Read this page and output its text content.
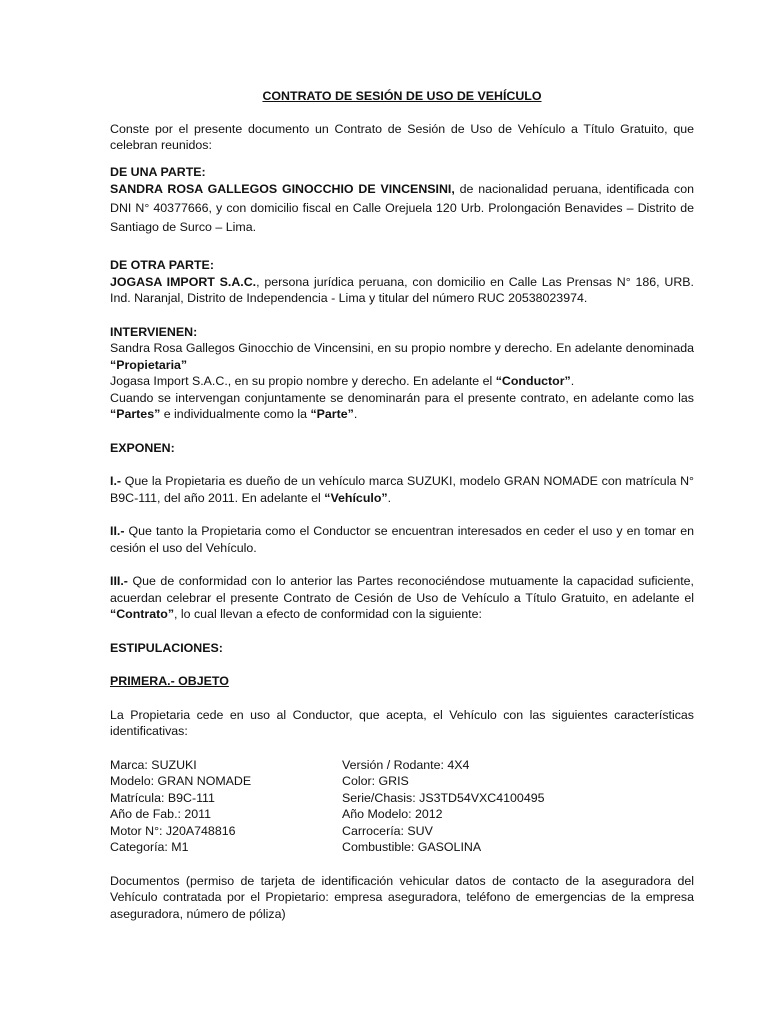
CONTRATO DE SESIÓN DE USO DE VEHÍCULO

Conste por el presente documento un Contrato de Sesión de Uso de Vehículo a Título Gratuito, que celebran reunidos:

DE UNA PARTE:

SANDRA ROSA GALLEGOS GINOCCHIO DE VINCENSINI, de nacionalidad peruana, identificada con DNI N° 40377666, y con domicilio fiscal en Calle Orejuela 120 Urb. Prolongación Benavides – Distrito de Santiago de Surco – Lima.

DE OTRA PARTE:

JOGASA IMPORT S.A.C., persona jurídica peruana, con domicilio en Calle Las Prensas N° 186, URB. Ind. Naranjal, Distrito de Independencia - Lima y titular del número RUC 20538023974.

INTERVIENEN:

Sandra Rosa Gallegos Ginocchio de Vincensini, en su propio nombre y derecho. En adelante denominada “Propietaria”

Jogasa Import S.A.C., en su propio nombre y derecho. En adelante el “Conductor”.

Cuando se intervengan conjuntamente se denominarán para el presente contrato, en adelante como las “Partes” e individualmente como la “Parte”.

EXPONEN:

I.- Que la Propietaria es dueño de un vehículo marca SUZUKI, modelo GRAN NOMADE con matrícula N° B9C-111, del año 2011. En adelante el “Vehículo”.

II.- Que tanto la Propietaria como el Conductor se encuentran interesados en ceder el uso y en tomar en cesión el uso del Vehículo.

III.- Que de conformidad con lo anterior las Partes reconociéndose mutuamente la capacidad suficiente, acuerdan celebrar el presente Contrato de Cesión de Uso de Vehículo a Título Gratuito, en adelante el “Contrato”, lo cual llevan a efecto de conformidad con la siguiente:

ESTIPULACIONES:

PRIMERA.- OBJETO

La Propietaria cede en uso al Conductor, que acepta, el Vehículo con las siguientes características identificativas:

Marca: SUZUKI	Versión / Rodante: 4X4
Modelo: GRAN NOMADE	Color: GRIS
Matrícula: B9C-111	Serie/Chasis: JS3TD54VXC4100495
Año de Fab.: 2011	Año Modelo: 2012
Motor N°: J20A748816	Carrocería: SUV
Categoría: M1	Combustible: GASOLINA

Documentos (permiso de tarjeta de identificación vehicular datos de contacto de la aseguradora del Vehículo contratada por el Propietario: empresa aseguradora, teléfono de emergencias de la empresa aseguradora, número de póliza)
